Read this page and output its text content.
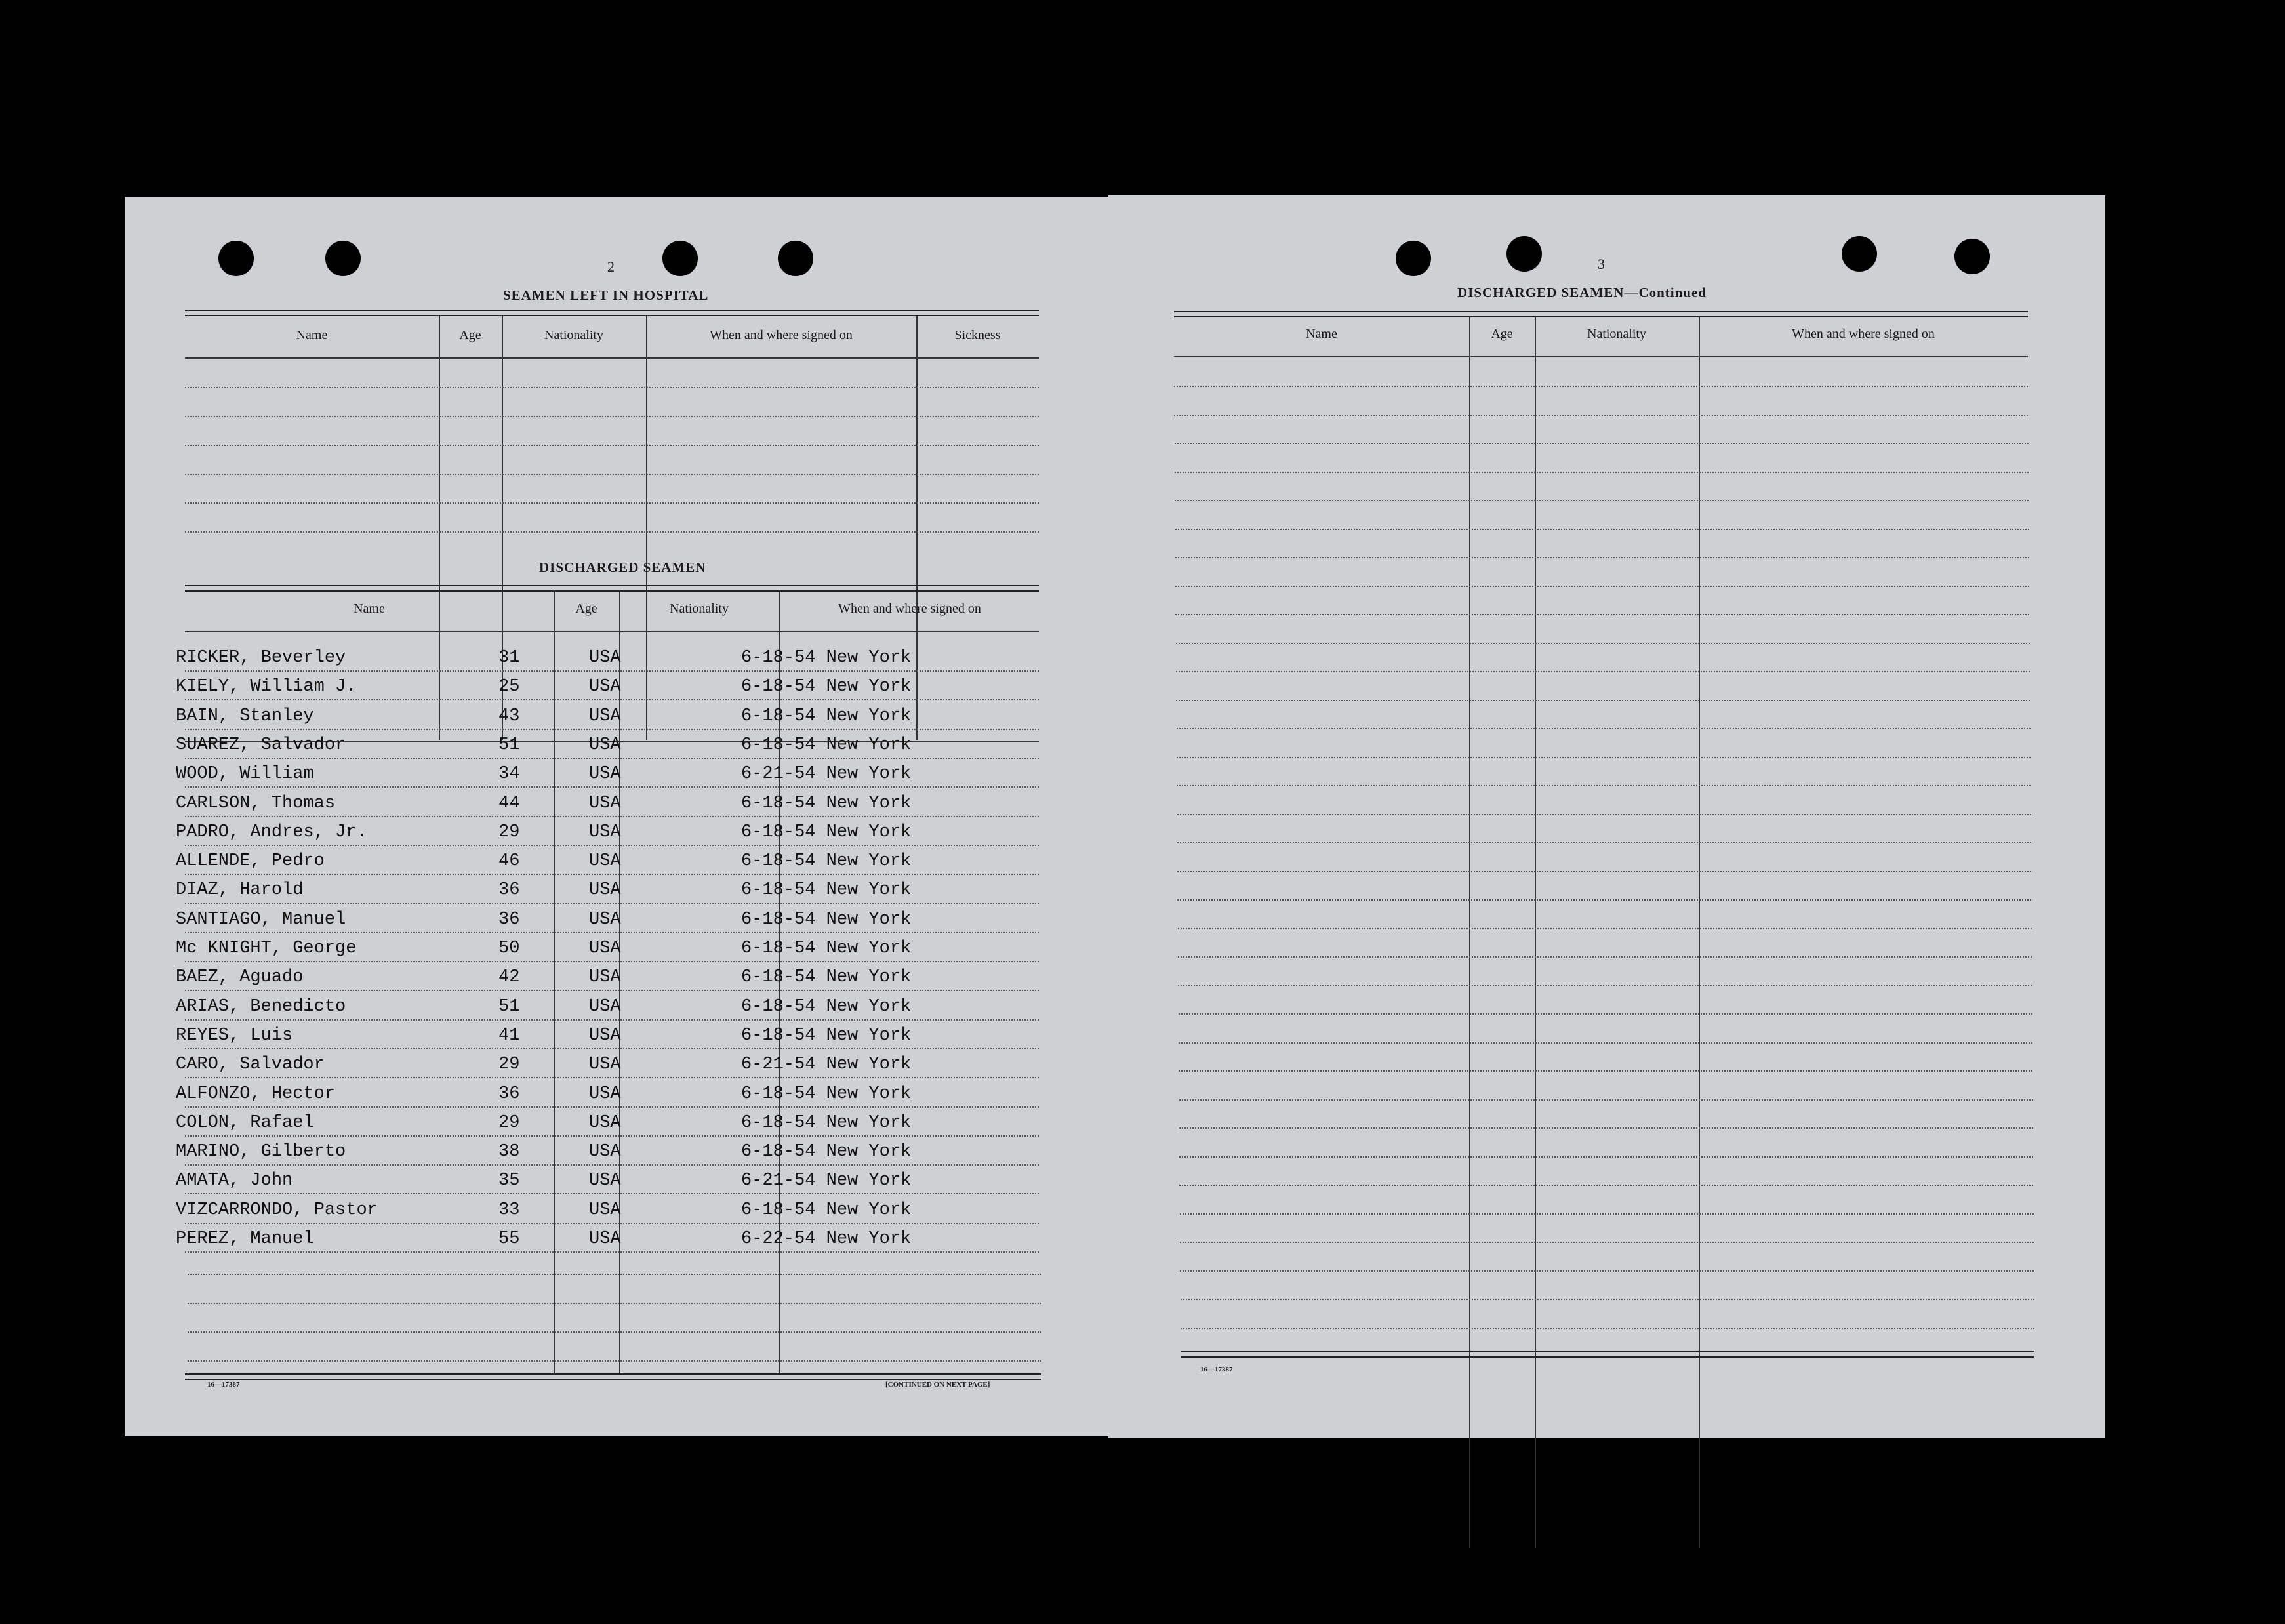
2
SEAMEN LEFT IN HOSPITAL
Name	Age	Nationality	When and where signed on	Sickness
DISCHARGED SEAMEN
Name	Age	Nationality	When and where signed on
RICKER, Beverley	31	USA	6-18-54 New York
KIELY, William J.	25	USA	6-18-54 New York
BAIN, Stanley	43	USA	6-18-54 New York
SUAREZ, Salvador	51	USA	6-18-54 New York
WOOD, William	34	USA	6-21-54 New York
CARLSON, Thomas	44	USA	6-18-54 New York
PADRO, Andres, Jr.	29	USA	6-18-54 New York
ALLENDE, Pedro	46	USA	6-18-54 New York
DIAZ, Harold	36	USA	6-18-54 New York
SANTIAGO, Manuel	36	USA	6-18-54 New York
Mc KNIGHT, George	50	USA	6-18-54 New York
BAEZ, Aguado	42	USA	6-18-54 New York
ARIAS, Benedicto	51	USA	6-18-54 New York
REYES, Luis	41	USA	6-18-54 New York
CARO, Salvador	29	USA	6-21-54 New York
ALFONZO, Hector	36	USA	6-18-54 New York
COLON, Rafael	29	USA	6-18-54 New York
MARINO, Gilberto	38	USA	6-18-54 New York
AMATA, John	35	USA	6-21-54 New York
VIZCARRONDO, Pastor	33	USA	6-18-54 New York
PEREZ, Manuel	55	USA	6-22-54 New York
16—17387	[CONTINUED ON NEXT PAGE]
3
DISCHARGED SEAMEN—Continued
Name	Age	Nationality	When and where signed on
16—17387
